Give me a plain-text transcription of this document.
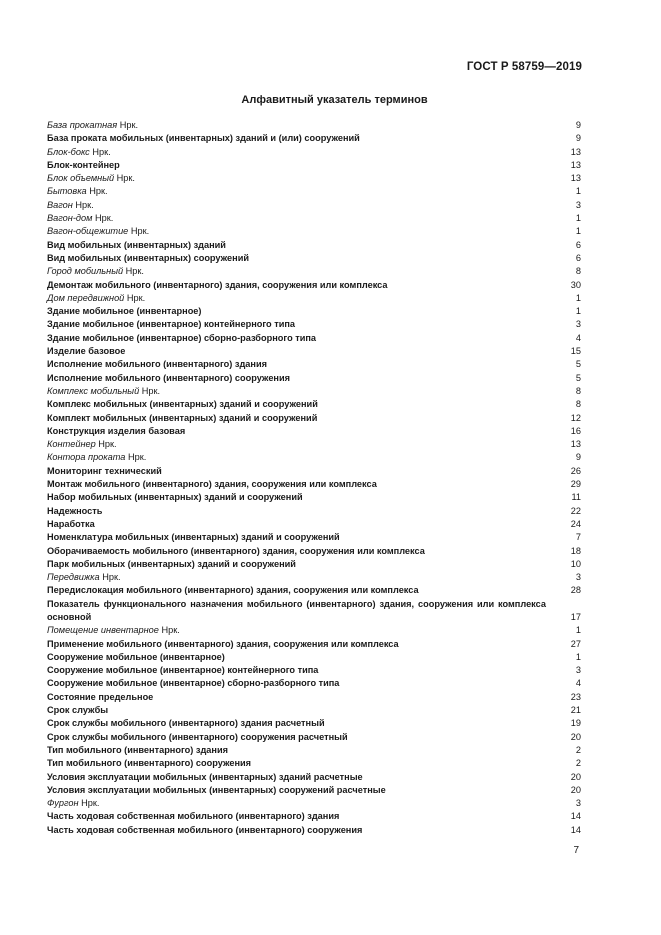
ГОСТ Р 58759—2019
Алфавитный указатель терминов
База прокатная Нрк.	9
База проката мобильных (инвентарных) зданий и (или) сооружений	9
Блок-бокс Нрк.	13
Блок-контейнер	13
Блок объемный Нрк.	13
Бытовка Нрк.	1
Вагон Нрк.	3
Вагон-дом Нрк.	1
Вагон-общежитие Нрк.	1
Вид мобильных (инвентарных) зданий	6
Вид мобильных (инвентарных) сооружений	6
Город мобильный Нрк.	8
Демонтаж мобильного (инвентарного) здания, сооружения или комплекса	30
Дом передвижной Нрк.	1
Здание мобильное (инвентарное)	1
Здание мобильное (инвентарное) контейнерного типа	3
Здание мобильное (инвентарное) сборно-разборного типа	4
Изделие базовое	15
Исполнение мобильного (инвентарного) здания	5
Исполнение мобильного (инвентарного) сооружения	5
Комплекс мобильный Нрк.	8
Комплекс мобильных (инвентарных) зданий и сооружений	8
Комплект мобильных (инвентарных) зданий и сооружений	12
Конструкция изделия базовая	16
Контейнер Нрк.	13
Контора проката Нрк.	9
Мониторинг технический	26
Монтаж мобильного (инвентарного) здания, сооружения или комплекса	29
Набор мобильных (инвентарных) зданий и сооружений	11
Надежность	22
Наработка	24
Номенклатура мобильных (инвентарных) зданий и сооружений	7
Оборачиваемость мобильного (инвентарного) здания, сооружения или комплекса	18
Парк мобильных (инвентарных) зданий и сооружений	10
Передвижка Нрк.	3
Передислокация мобильного (инвентарного) здания, сооружения или комплекса	28
Показатель функционального назначения мобильного (инвентарного) здания, сооружения или комплекса основной	17
Помещение инвентарное Нрк.	1
Применение мобильного (инвентарного) здания, сооружения или комплекса	27
Сооружение мобильное (инвентарное)	1
Сооружение мобильное (инвентарное) контейнерного типа	3
Сооружение мобильное (инвентарное) сборно-разборного типа	4
Состояние предельное	23
Срок службы	21
Срок службы мобильного (инвентарного) здания расчетный	19
Срок службы мобильного (инвентарного) сооружения расчетный	20
Тип мобильного (инвентарного) здания	2
Тип мобильного (инвентарного) сооружения	2
Условия эксплуатации мобильных (инвентарных) зданий расчетные	20
Условия эксплуатации мобильных (инвентарных) сооружений расчетные	20
Фургон Нрк.	3
Часть ходовая собственная мобильного (инвентарного) здания	14
Часть ходовая собственная мобильного (инвентарного) сооружения	14
7
